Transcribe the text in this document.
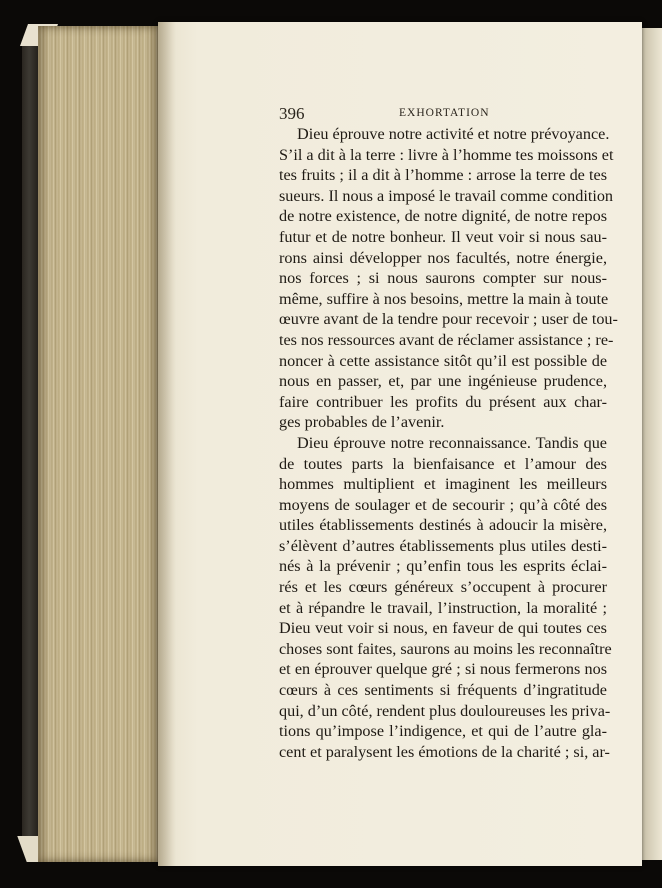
396	EXHORTATION
Dieu éprouve notre activité et notre prévoyance.
S’il a dit à la terre : livre à l’homme tes moissons et
tes fruits ; il a dit à l’homme : arrose la terre de tes
sueurs. Il nous a imposé le travail comme condition
de notre existence, de notre dignité, de notre repos
futur et de notre bonheur. Il veut voir si nous sau-
rons ainsi développer nos facultés, notre énergie,
nos forces ; si nous saurons compter sur nous-
même, suffire à nos besoins, mettre la main à toute
œuvre avant de la tendre pour recevoir ; user de tou-
tes nos ressources avant de réclamer assistance ; re-
noncer à cette assistance sitôt qu’il est possible de
nous en passer, et, par une ingénieuse prudence,
faire contribuer les profits du présent aux char-
ges probables de l’avenir.
Dieu éprouve notre reconnaissance. Tandis que
de toutes parts la bienfaisance et l’amour des
hommes multiplient et imaginent les meilleurs
moyens de soulager et de secourir ; qu’à côté des
utiles établissements destinés à adoucir la misère,
s’élèvent d’autres établissements plus utiles desti-
nés à la prévenir ; qu’enfin tous les esprits éclai-
rés et les cœurs généreux s’occupent à procurer
et à répandre le travail, l’instruction, la moralité ;
Dieu veut voir si nous, en faveur de qui toutes ces
choses sont faites, saurons au moins les reconnaître
et en éprouver quelque gré ; si nous fermerons nos
cœurs à ces sentiments si fréquents d’ingratitude
qui, d’un côté, rendent plus douloureuses les priva-
tions qu’impose l’indigence, et qui de l’autre gla-
cent et paralysent les émotions de la charité ; si, ar-
